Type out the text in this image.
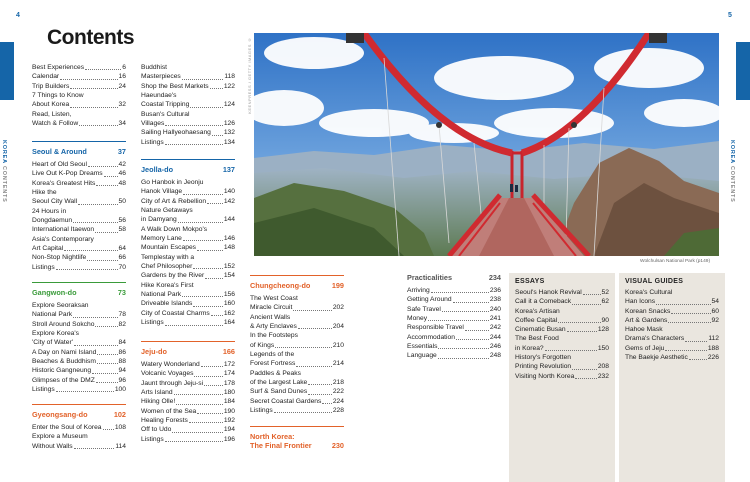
4	5
KOREA CONTENTS
KOREA CONTENTS
Contents
Best Experiences	6
Calendar	16
Trip Builders	24
7 Things to Know
About Korea	32
Read, Listen,
Watch & Follow	34
Seoul & Around	37
Heart of Old Seoul	42
Live Out K-Pop Dreams 46
Korea's Greatest Hits	48
Hike the
Seoul City Wall	50
24 Hours in
Dongdaemun	56
International Itaewon	58
Asia's Contemporary
Art Capital	64
Non-Stop Nightlife	66
Listings	70
Gangwon-do	73
Explore Seoraksan
National Park	78
Stroll Around Sokcho	82
Explore Korea's
'City of Water'	84
A Day on Nami Island	86
Beaches & Buddhism	88
Historic Gangneung	94
Glimpses of the DMZ	96
Listings	100
Gyeongsang-do	102
Enter the Soul of Korea 108
Explore a Museum
Without Walls	114
Buddhist
Masterpieces	118
Shop the Best Markets 122
Haeundae's
Coastal Tripping	124
Busan's Cultural
Villages	126
Sailing Hallyeohaesang 132
Listings	134
Jeolla-do	137
Go Hanbok in Jeonju
Hanok Village	140
City of Art & Rebellion	142
Nature Getaways
in Damyang	144
A Walk Down Mokpo's
Memory Lane	146
Mountain Escapes	148
Templestay with a
Chef Philosopher	152
Gardens by the River	154
Hike Korea's First
National Park	156
Driveable Islands	160
City of Coastal Charms 162
Listings	164
Jeju-do	166
Watery Wonderland	172
Volcanic Voyages	174
Jaunt through Jeju-si	178
Arts Island	180
Hiking Olle!	184
Women of the Sea	190
Healing Forests	192
Off to Udo	194
Listings	196
KEENPRESS / GETTY IMAGES ©
Wolchulsan National Park (p149)
Chungcheong-do	199
The West Coast
Miracle Circuit	202
Ancient Walls
& Arty Enclaves	204
In the Footsteps
of Kings	210
Legends of the
Forest Fortress	214
Paddles & Peaks
of the Largest Lake	218
Surf & Sand Dunes	222
Secret Coastal Gardens 224
Listings	228
North Korea:
The Final Frontier	230
Practicalities	234
Arriving	236
Getting Around	238
Safe Travel	240
Money	241
Responsible Travel	242
Accommodation	244
Essentials	246
Language	248
ESSAYS
Seoul's Hanok Revival	52
Call it a Comeback	62
Korea's Artisan
Coffee Capital	90
Cinematic Busan	128
The Best Food
in Korea?	150
History's Forgotten
Printing Revolution	208
Visiting North Korea	232
VISUAL GUIDES
Korea's Cultural
Han Icons	54
Korean Snacks	60
Art & Gardens	92
Hahoe Mask
Drama's Characters	112
Gems of Jeju	188
The Baekje Aesthetic	226
